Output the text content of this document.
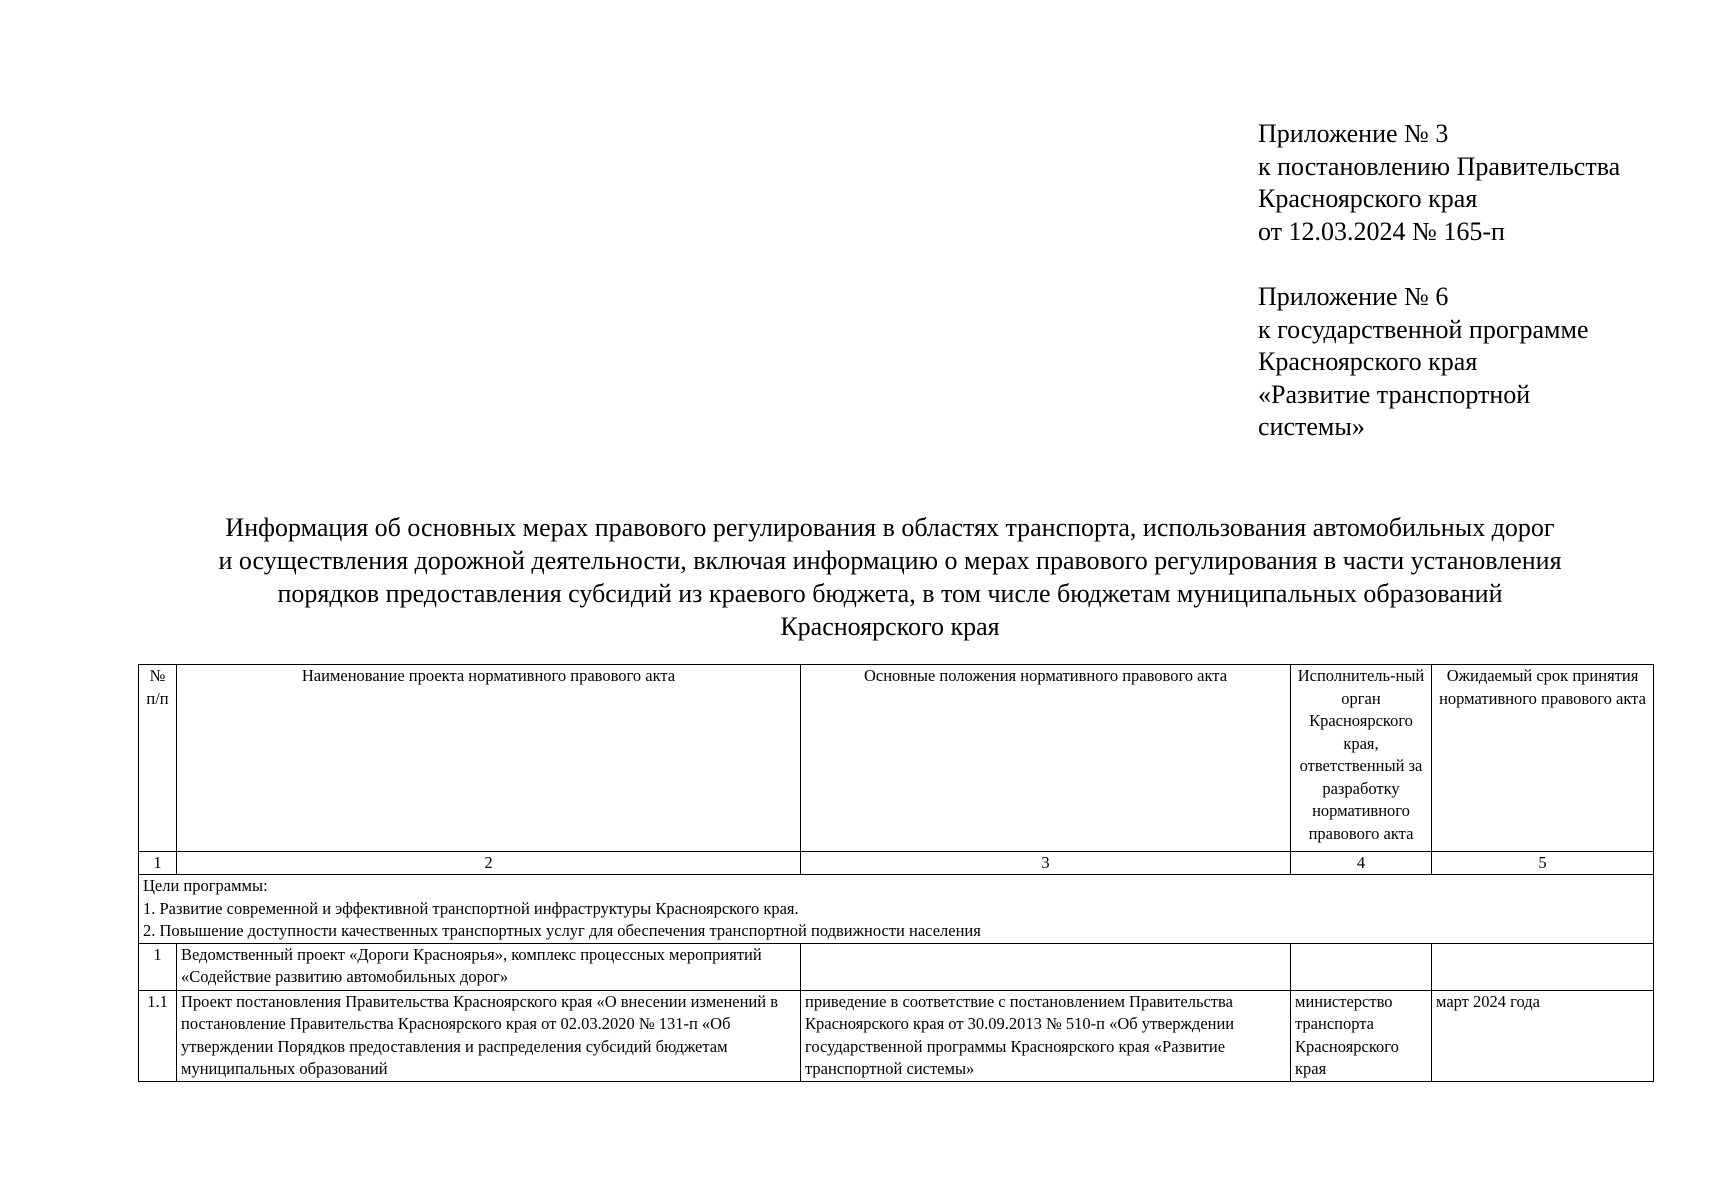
Приложение № 3
к постановлению Правительства
Красноярского края
от 12.03.2024 № 165-п
Приложение № 6
к государственной программе
Красноярского края
«Развитие транспортной
системы»
Информация об основных мерах правового регулирования в областях транспорта, использования автомобильных дорог
и осуществления дорожной деятельности, включая информацию о мерах правового регулирования в части установления
порядков предоставления субсидий из краевого бюджета, в том числе бюджетам муниципальных образований
Красноярского края
№ п/п	Наименование проекта нормативного правового акта	Основные положения нормативного правового акта	Исполнитель-ный орган Красноярского края, ответственный за разработку нормативного правового акта	Ожидаемый срок принятия нормативного правового акта
1	2	3	4	5

Цели программы:
1. Развитие современной и эффективной транспортной инфраструктуры Красноярского края.
2. Повышение доступности качественных транспортных услуг для обеспечения транспортной подвижности населения				

1	Ведомственный проект «Дороги Красноярья», комплекс процессных мероприятий «Содействие развитию автомобильных дорог»			
1.1	Проект постановления Правительства Красноярского края «О внесении изменений в постановление Правительства Красноярского края от 02.03.2020 № 131-п «Об утверждении Порядков предоставления и распределения субсидий бюджетам муниципальных образований	приведение в соответствие с постановлением Правительства Красноярского края от 30.09.2013 № 510-п «Об утверждении государственной программы Красноярского края «Развитие транспортной системы»	министерство транспорта Красноярского края	март 2024 года
